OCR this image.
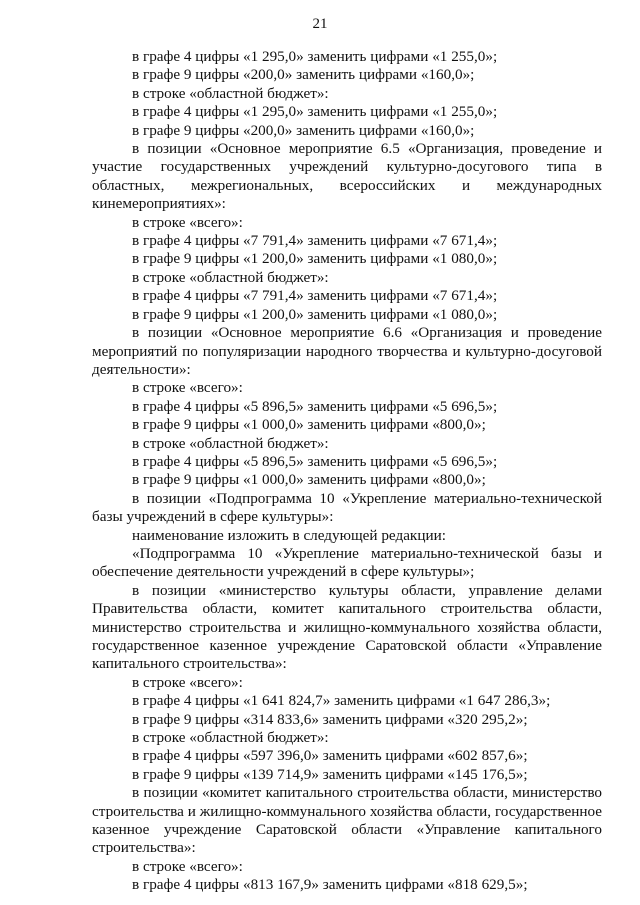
21

в графе 4 цифры «1 295,0» заменить цифрами «1 255,0»;

в графе 9 цифры «200,0» заменить цифрами «160,0»;

в строке «областной бюджет»:

в графе 4 цифры «1 295,0» заменить цифрами «1 255,0»;

в графе 9 цифры «200,0» заменить цифрами «160,0»;

в позиции «Основное мероприятие 6.5 «Организация, проведение и участие государственных учреждений культурно-досугового типа в областных, межрегиональных, всероссийских и международных кинемероприятиях»:

в строке «всего»:

в графе 4 цифры «7 791,4» заменить цифрами «7 671,4»;

в графе 9 цифры «1 200,0» заменить цифрами «1 080,0»;

в строке «областной бюджет»:

в графе 4 цифры «7 791,4» заменить цифрами «7 671,4»;

в графе 9 цифры «1 200,0» заменить цифрами «1 080,0»;

в позиции «Основное мероприятие 6.6 «Организация и проведение мероприятий по популяризации народного творчества и культурно-досуговой деятельности»:

в строке «всего»:

в графе 4 цифры «5 896,5» заменить цифрами «5 696,5»;

в графе 9 цифры «1 000,0» заменить цифрами «800,0»;

в строке «областной бюджет»:

в графе 4 цифры «5 896,5» заменить цифрами «5 696,5»;

в графе 9 цифры «1 000,0» заменить цифрами «800,0»;

в позиции «Подпрограмма 10 «Укрепление материально-технической базы учреждений в сфере культуры»:

наименование изложить в следующей редакции:

«Подпрограмма 10 «Укрепление материально-технической базы и обеспечение деятельности учреждений в сфере культуры»;

в позиции «министерство культуры области, управление делами Правительства области, комитет капитального строительства области, министерство строительства и жилищно-коммунального хозяйства области, государственное казенное учреждение Саратовской области «Управление капитального строительства»:

в строке «всего»:

в графе 4 цифры «1 641 824,7» заменить цифрами «1 647 286,3»;

в графе 9 цифры «314 833,6» заменить цифрами «320 295,2»;

в строке «областной бюджет»:

в графе 4 цифры «597 396,0» заменить цифрами «602 857,6»;

в графе 9 цифры «139 714,9» заменить цифрами «145 176,5»;

в позиции «комитет капитального строительства области, министерство строительства и жилищно-коммунального хозяйства области, государственное казенное учреждение Саратовской области «Управление капитального строительства»:

в строке «всего»:

в графе 4 цифры «813 167,9» заменить цифрами «818 629,5»;
